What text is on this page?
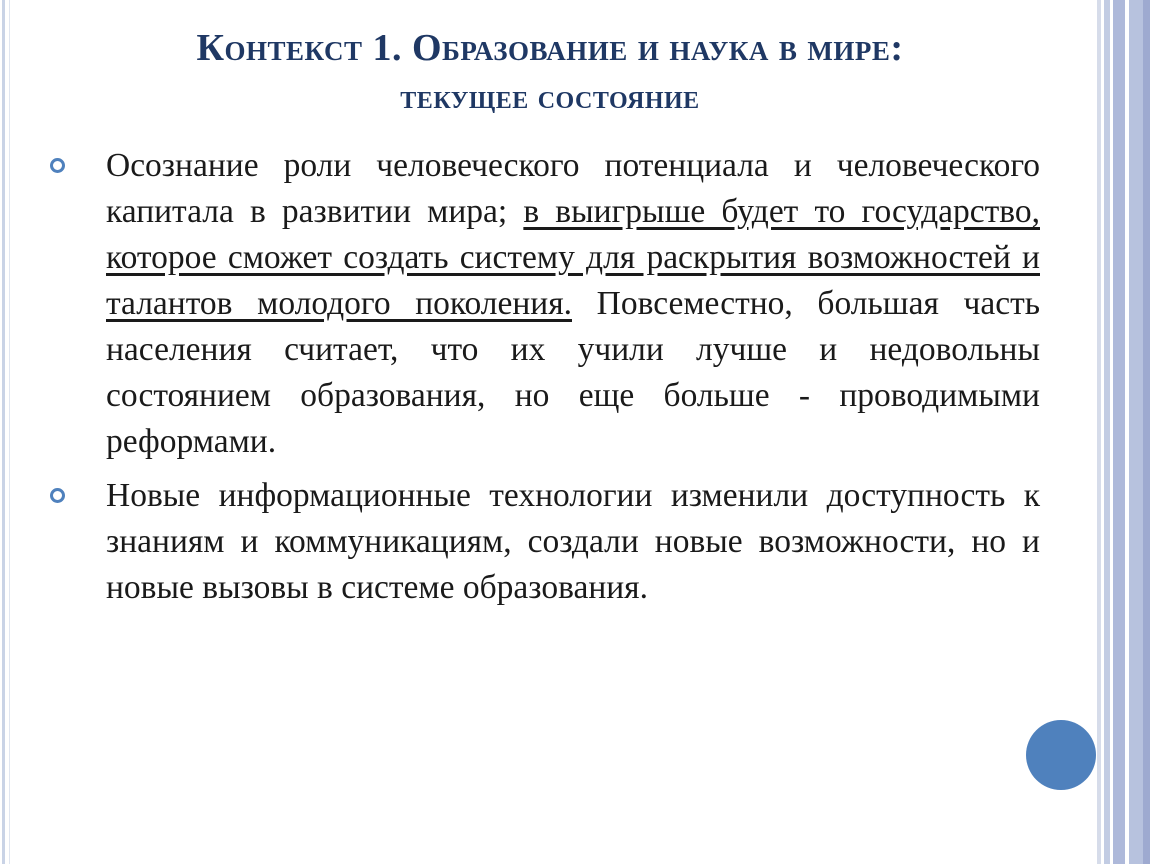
Контекст 1. Образование и наука в мире:
текущее состояние
Осознание роли человеческого потенциала и человеческого капитала в развитии мира; в выигрыше будет то государство, которое сможет создать систему для раскрытия возможностей и талантов молодого поколения. Повсеместно, большая часть населения считает, что их учили лучше и недовольны состоянием образования, но еще больше - проводимыми реформами.
Новые информационные технологии изменили доступность к знаниям и коммуникациям, создали новые возможности, но и новые вызовы в системе образования.
